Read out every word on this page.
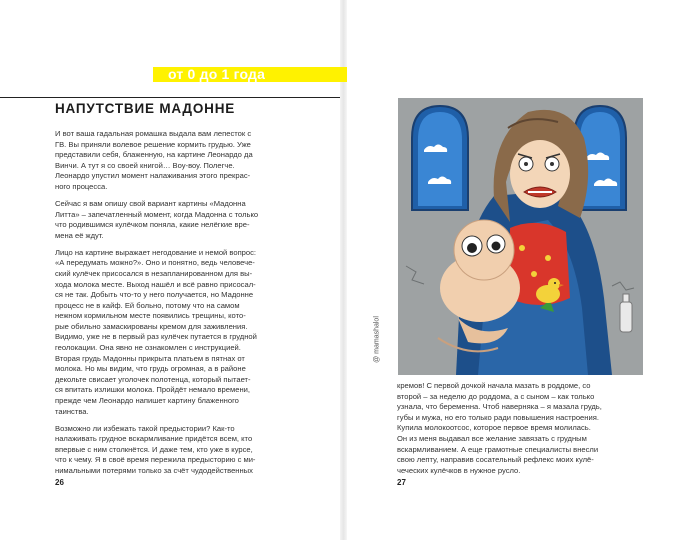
от 0 до 1 года
НАПУТСТВИЕ МАДОННЕ

И вот ваша гадальная ромашка выдала вам лепесток с
ГВ. Вы приняли волевое решение кормить грудью. Уже
представили себя, блаженную, на картине Леонардо да
Винчи. А тут я со своей книгой… Воу-воу. Полегче.
Леонардо упустил момент налаживания этого прекрас-
ного процесса.

Сейчас я вам опишу свой вариант картины «Мадонна
Литта» – запечатленный момент, когда Мадонна с только
что родившимся кулёчком поняла, какие нелёгкие вре-
мена её ждут.

Лицо на картине выражает негодование и немой вопрос:
«А передумать можно?». Оно и понятно, ведь человече-
ский кулёчек присосался в незапланированном для вы-
хода молока месте. Выход нашёл и всё равно присосал-
ся не так. Добыть что-то у него получается, но Мадонне
процесс не в кайф. Ей больно, потому что на самом
нежном кормильном месте появились трещины, кото-
рые обильно замаскированы кремом для заживления.
Видимо, уже не в первый раз кулёчек путается в грудной
геолокации. Она явно не ознакомлен с инструкцией.
Вторая грудь Мадонны прикрыта платьем в пятнах от
молока. Но мы видим, что грудь огромная, а в районе
декольте свисает уголочек полотенца, который пытает-
ся впитать излишки молока. Пройдёт немало времени,
прежде чем Леонардо напишет картину блаженного
таинства.

Возможно ли избежать такой предыстории? Как-то
налаживать грудное вскармливание придётся всем, кто
впервые с ним столкнётся. И даже тем, кто уже в курсе,
что к чему. Я в своё время пережила предысторию с ми-
нимальными потерями только за счёт чудодейственных

26
@ mamashalol

кремов! С первой дочкой начала мазать в роддоме, со
второй – за неделю до роддома, а с сыном – как только
узнала, что беременна. Чтоб наверняка – я мазала грудь,
губы и мужа, но его только ради повышения настроения.
Купила молокоотсос, которое первое время молилась.
Он из меня выдавал все желание завязать с грудным
вскармливанием. А еще грамотные специалисты внесли
свою лепту, направив сосательный рефлекс моих кулё-
чеческих кулёчков в нужное русло.

27
